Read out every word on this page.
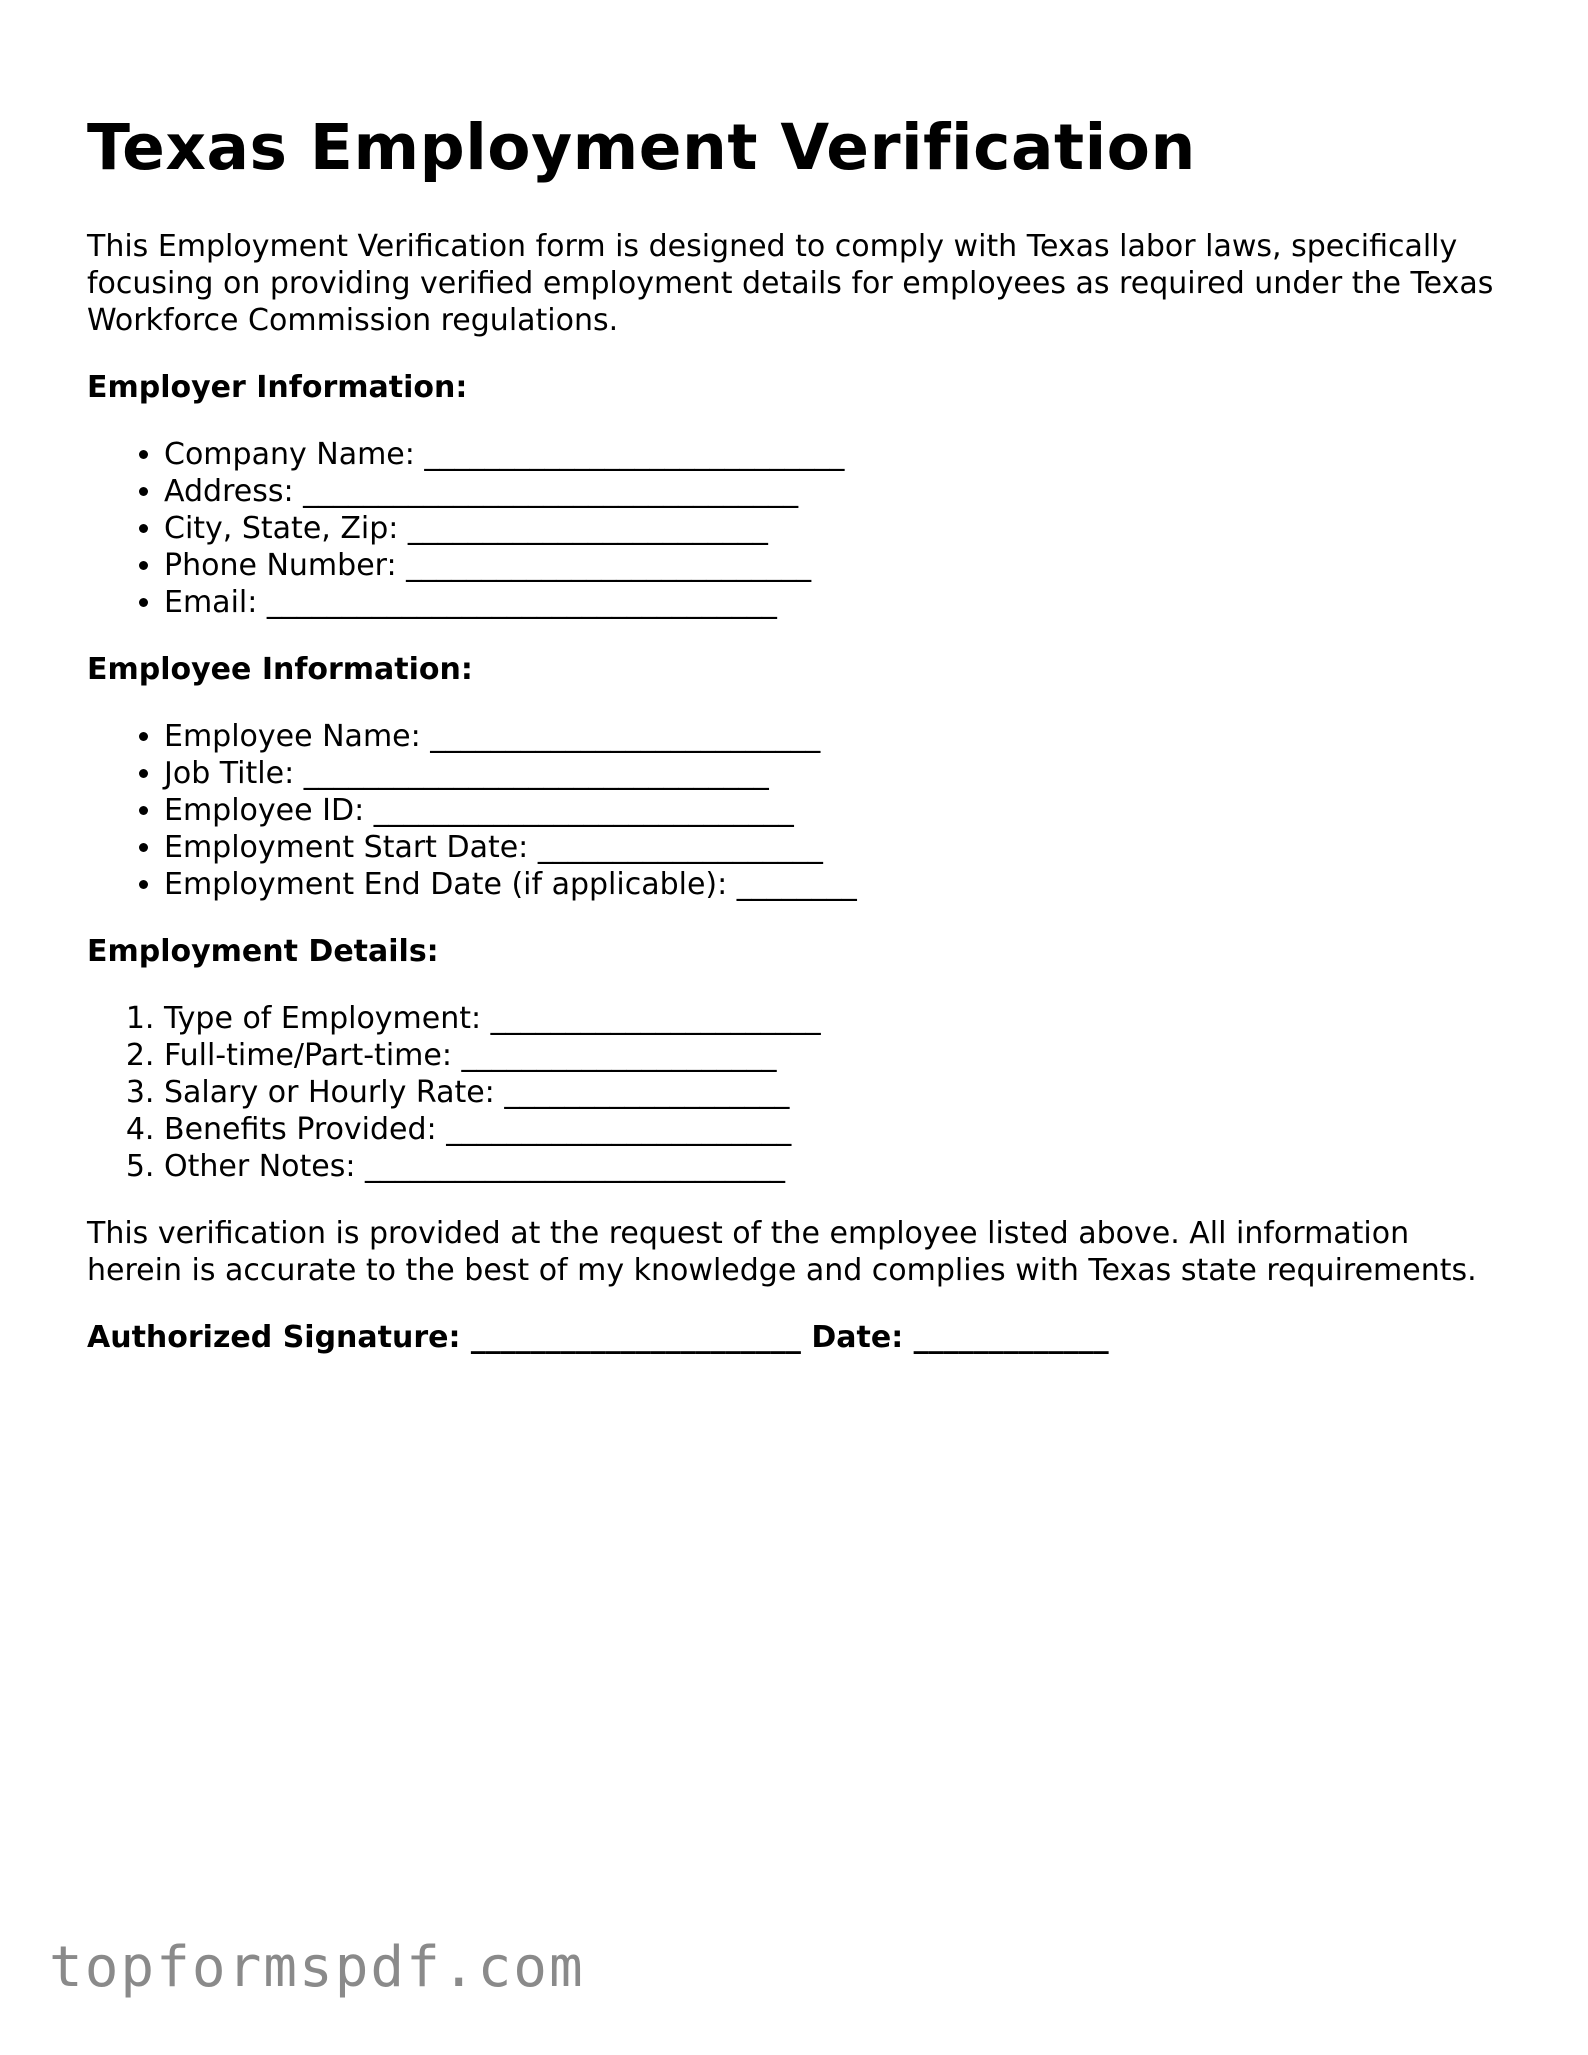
Texas Employment Verification

This Employment Verification form is designed to comply with Texas labor laws, specifically focusing on providing verified employment details for employees as required under the Texas Workforce Commission regulations.

Employer Information:
• Company Name: ____________________________
• Address: _________________________________
• City, State, Zip: ________________________
• Phone Number: ___________________________
• Email: __________________________________
Employee Information:
• Employee Name: __________________________
• Job Title: _______________________________
• Employee ID: ____________________________
• Employment Start Date: ___________________
• Employment End Date (if applicable): ________
Employment Details:
1. Type of Employment: ______________________
2. Full-time/Part-time: _____________________
3. Salary or Hourly Rate: ___________________
4. Benefits Provided: _______________________
5. Other Notes: ____________________________

This verification is provided at the request of the employee listed above. All information herein is accurate to the best of my knowledge and complies with Texas state requirements.

Authorized Signature: ______________________ Date: _____________
topformspdf.com
